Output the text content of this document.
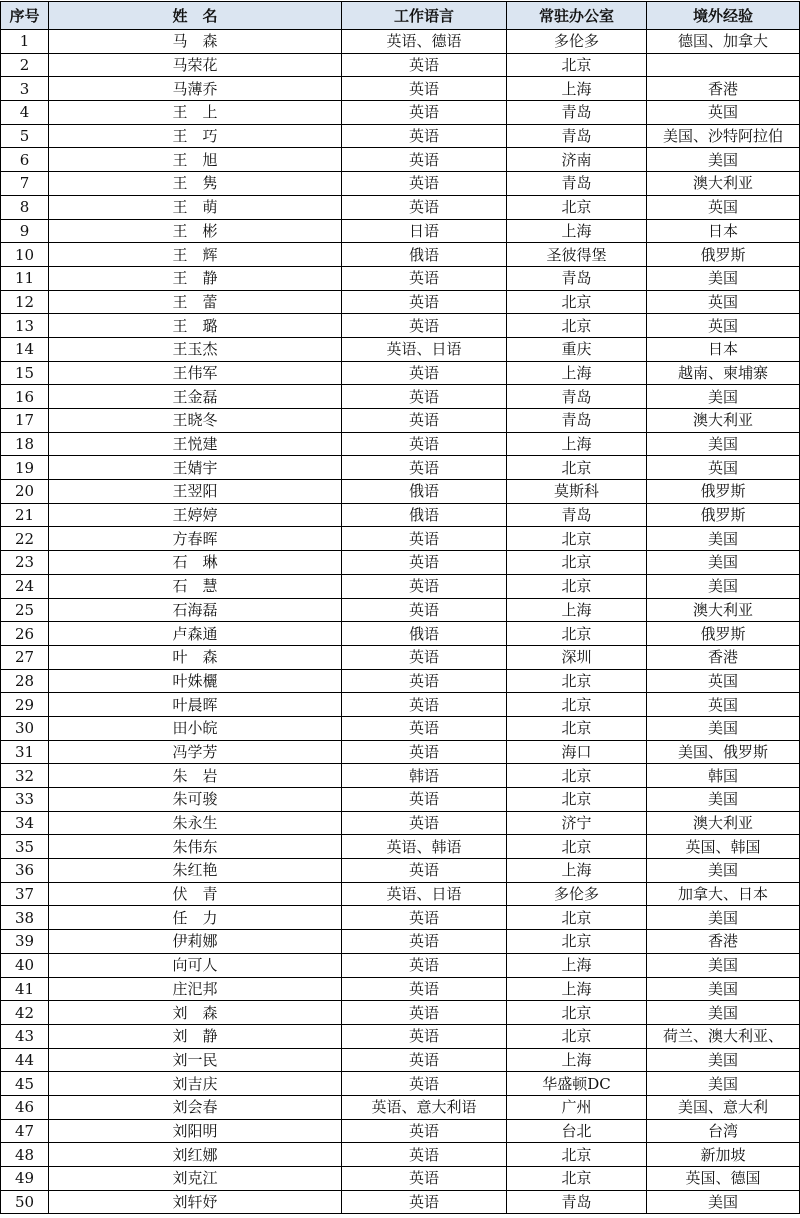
序号	姓　名	工作语言	常驻办公室	境外经验
1	马　森	英语、德语	多伦多	德国、加拿大
2	马荣花	英语	北京	
3	马薄乔	英语	上海	香港
4	王　上	英语	青岛	英国
5	王　巧	英语	青岛	美国、沙特阿拉伯
6	王　旭	英语	济南	美国
7	王　隽	英语	青岛	澳大利亚
8	王　萌	英语	北京	英国
9	王　彬	日语	上海	日本
10	王　辉	俄语	圣彼得堡	俄罗斯
11	王　静	英语	青岛	美国
12	王　蕾	英语	北京	英国
13	王　璐	英语	北京	英国
14	王玉杰	英语、日语	重庆	日本
15	王伟军	英语	上海	越南、柬埔寨
16	王金磊	英语	青岛	美国
17	王晓冬	英语	青岛	澳大利亚
18	王悦建	英语	上海	美国
19	王婧宇	英语	北京	英国
20	王翌阳	俄语	莫斯科	俄罗斯
21	王婷婷	俄语	青岛	俄罗斯
22	方春晖	英语	北京	美国
23	石　琳	英语	北京	美国
24	石　慧	英语	北京	美国
25	石海磊	英语	上海	澳大利亚
26	卢森通	俄语	北京	俄罗斯
27	叶　森	英语	深圳	香港
28	叶姝欐	英语	北京	英国
29	叶晨晖	英语	北京	英国
30	田小皖	英语	北京	美国
31	冯学芳	英语	海口	美国、俄罗斯
32	朱　岩	韩语	北京	韩国
33	朱可骏	英语	北京	美国
34	朱永生	英语	济宁	澳大利亚
35	朱伟东	英语、韩语	北京	英国、韩国
36	朱红艳	英语	上海	美国
37	伏　青	英语、日语	多伦多	加拿大、日本
38	任　力	英语	北京	美国
39	伊莉娜	英语	北京	香港
40	向可人	英语	上海	美国
41	庄汜邦	英语	上海	美国
42	刘　森	英语	北京	美国
43	刘　静	英语	北京	荷兰、澳大利亚、
44	刘一民	英语	上海	美国
45	刘吉庆	英语	华盛顿DC	美国
46	刘会春	英语、意大利语	广州	美国、意大利
47	刘阳明	英语	台北	台湾
48	刘红娜	英语	北京	新加坡
49	刘克江	英语	北京	英国、德国
50	刘轩妤	英语	青岛	美国
